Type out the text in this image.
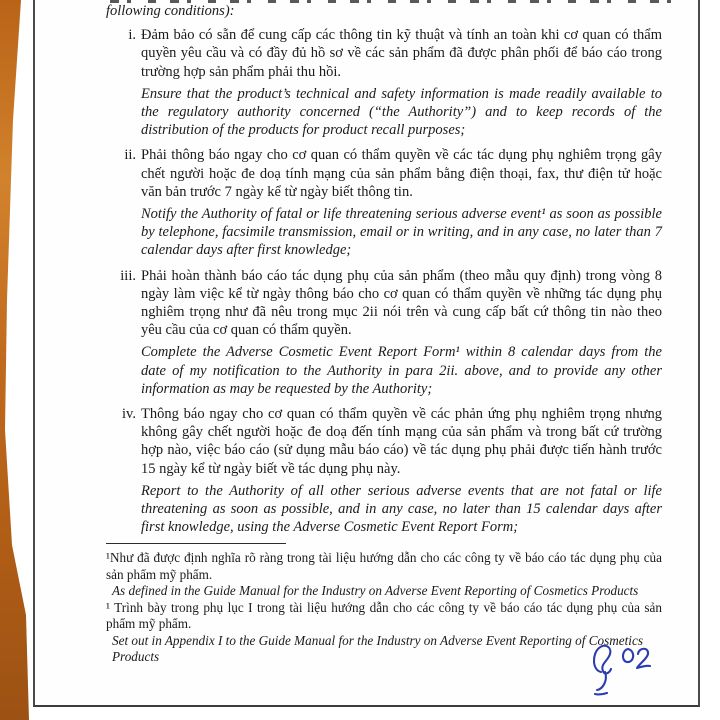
following conditions):

i. Đảm bảo có sẵn để cung cấp các thông tin kỹ thuật và tính an toàn khi cơ quan có thẩm quyền yêu cầu và có đầy đủ hồ sơ về các sản phẩm đã được phân phối để báo cáo trong trường hợp sản phẩm phải thu hồi.
Ensure that the product’s technical and safety information is made readily available to the regulatory authority concerned (“the Authority”) and to keep records of the distribution of the products for product recall purposes;
ii. Phải thông báo ngay cho cơ quan có thẩm quyền về các tác dụng phụ nghiêm trọng gây chết người hoặc đe doạ tính mạng của sản phẩm bằng điện thoại, fax, thư điện tử hoặc văn bản trước 7 ngày kể từ ngày biết thông tin.
Notify the Authority of fatal or life threatening serious adverse event¹ as soon as possible by telephone, facsimile transmission, email or in writing, and in any case, no later than 7 calendar days after first knowledge;
iii. Phải hoàn thành báo cáo tác dụng phụ của sản phẩm (theo mẫu quy định) trong vòng 8 ngày làm việc kể từ ngày thông báo cho cơ quan có thẩm quyền về những tác dụng phụ nghiêm trọng như đã nêu trong mục 2ii nói trên và cung cấp bất cứ thông tin nào theo yêu cầu của cơ quan có thẩm quyền.
Complete the Adverse Cosmetic Event Report Form¹ within 8 calendar days from the date of my notification to the Authority in para 2ii. above, and to provide any other information as may be requested by the Authority;
iv. Thông báo ngay cho cơ quan có thẩm quyền về các phản ứng phụ nghiêm trọng nhưng không gây chết người hoặc đe doạ đến tính mạng của sản phẩm và trong bất cứ trường hợp nào, việc báo cáo (sử dụng mẫu báo cáo) về tác dụng phụ phải được tiến hành trước 15 ngày kể từ ngày biết về tác dụng phụ này.
Report to the Authority of all other serious adverse events that are not fatal or life threatening as soon as possible, and in any case, no later than 15 calendar days after first knowledge, using the Adverse Cosmetic Event Report Form;
¹Như đã được định nghĩa rõ ràng trong tài liệu hướng dẫn cho các công ty về báo cáo tác dụng phụ của sản phẩm mỹ phẩm.
As defined in the Guide Manual for the Industry on Adverse Event Reporting of Cosmetics Products
¹ Trình bày trong phụ lục I trong tài liệu hướng dẫn cho các công ty về báo cáo tác dụng phụ của sản phẩm mỹ phẩm.
Set out in Appendix I to the Guide Manual for the Industry on Adverse Event Reporting of Cosmetics Products
